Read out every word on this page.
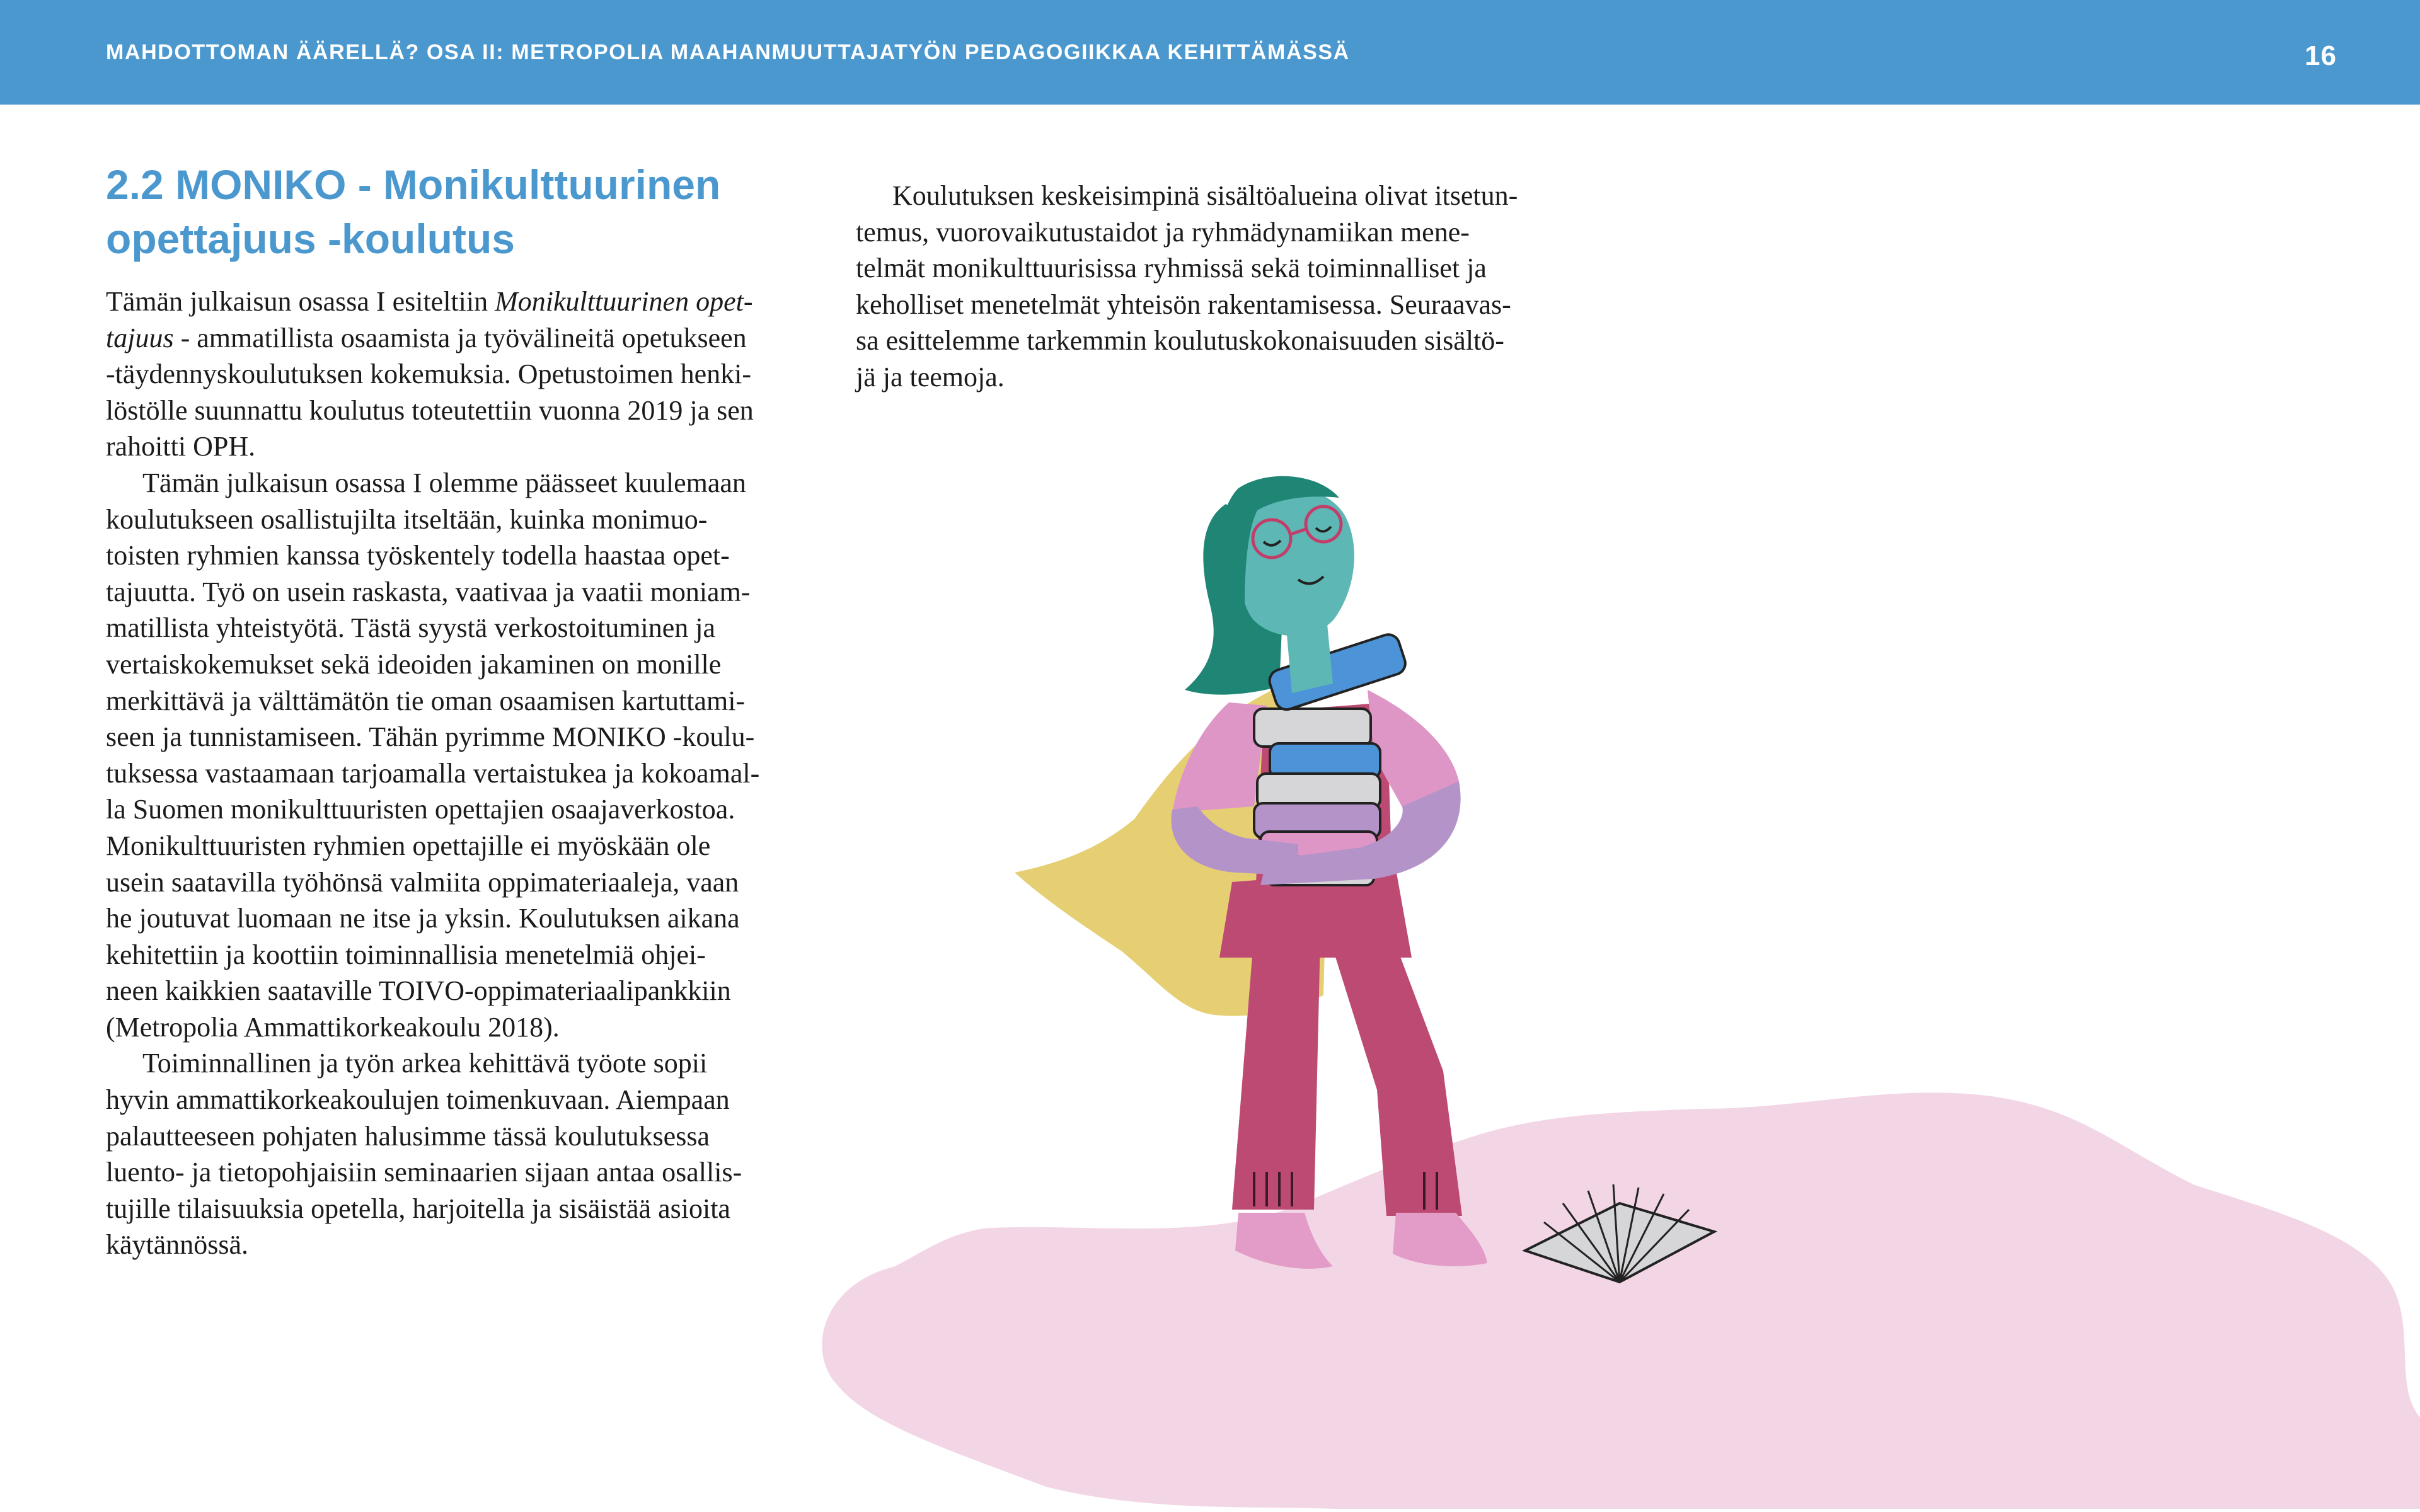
MAHDOTTOMAN ÄÄRELLÄ? OSA II: METROPOLIA MAAHANMUUTTAJATYÖN PEDAGOGIIKKAA KEHITTÄMÄSSÄ	16
2.2 MONIKO - Monikulttuurinen
opettajuus -koulutus
Tämän julkaisun osassa I esiteltiin Monikulttuurinen opet-
tajuus - ammatillista osaamista ja työvälineitä opetukseen
-täydennyskoulutuksen kokemuksia. Opetustoimen henki-
löstölle suunnattu koulutus toteutettiin vuonna 2019 ja sen
rahoitti OPH.
Tämän julkaisun osassa I olemme päässeet kuulemaan
koulutukseen osallistujilta itseltään, kuinka monimuo-
toisten ryhmien kanssa työskentely todella haastaa opet-
tajuutta. Työ on usein raskasta, vaativaa ja vaatii moniam-
matillista yhteistyötä. Tästä syystä verkostoituminen ja
vertaiskokemukset sekä ideoiden jakaminen on monille
merkittävä ja välttämätön tie oman osaamisen kartuttami-
seen ja tunnistamiseen. Tähän pyrimme MONIKO -koulu-
tuksessa vastaamaan tarjoamalla vertaistukea ja kokoamal-
la Suomen monikulttuuristen opettajien osaajaverkostoa.
Monikulttuuristen ryhmien opettajille ei myöskään ole
usein saatavilla työhönsä valmiita oppimateriaaleja, vaan
he joutuvat luomaan ne itse ja yksin. Koulutuksen aikana
kehitettiin ja koottiin toiminnallisia menetelmiä ohjei-
neen kaikkien saataville TOIVO-oppimateriaalipankkiin
(Metropolia Ammattikorkeakoulu 2018).
Toiminnallinen ja työn arkea kehittävä työote sopii
hyvin ammattikorkeakoulujen toimenkuvaan. Aiempaan
palautteeseen pohjaten halusimme tässä koulutuksessa
luento- ja tietopohjaisiin seminaarien sijaan antaa osallis-
tujille tilaisuuksia opetella, harjoitella ja sisäistää asioita
käytännössä.
Koulutuksen keskeisimpinä sisältöalueina olivat itsetun-
temus, vuorovaikutustaidot ja ryhmädynamiikan mene-
telmät monikulttuurisissa ryhmissä sekä toiminnalliset ja
keholliset menetelmät yhteisön rakentamisessa. Seuraavas-
sa esittelemme tarkemmin koulutuskokonaisuuden sisältö-
jä ja teemoja.
